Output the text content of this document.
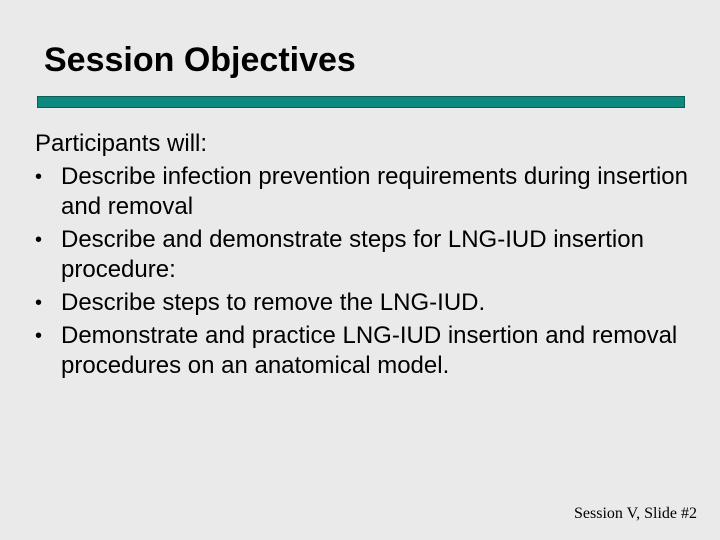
Session Objectives
Participants will:
• Describe infection prevention requirements during insertion and removal
• Describe and demonstrate steps for LNG-IUD insertion procedure:
• Describe steps to remove the LNG-IUD.
• Demonstrate and practice LNG-IUD insertion and removal procedures on an anatomical model.
Session V, Slide #2
